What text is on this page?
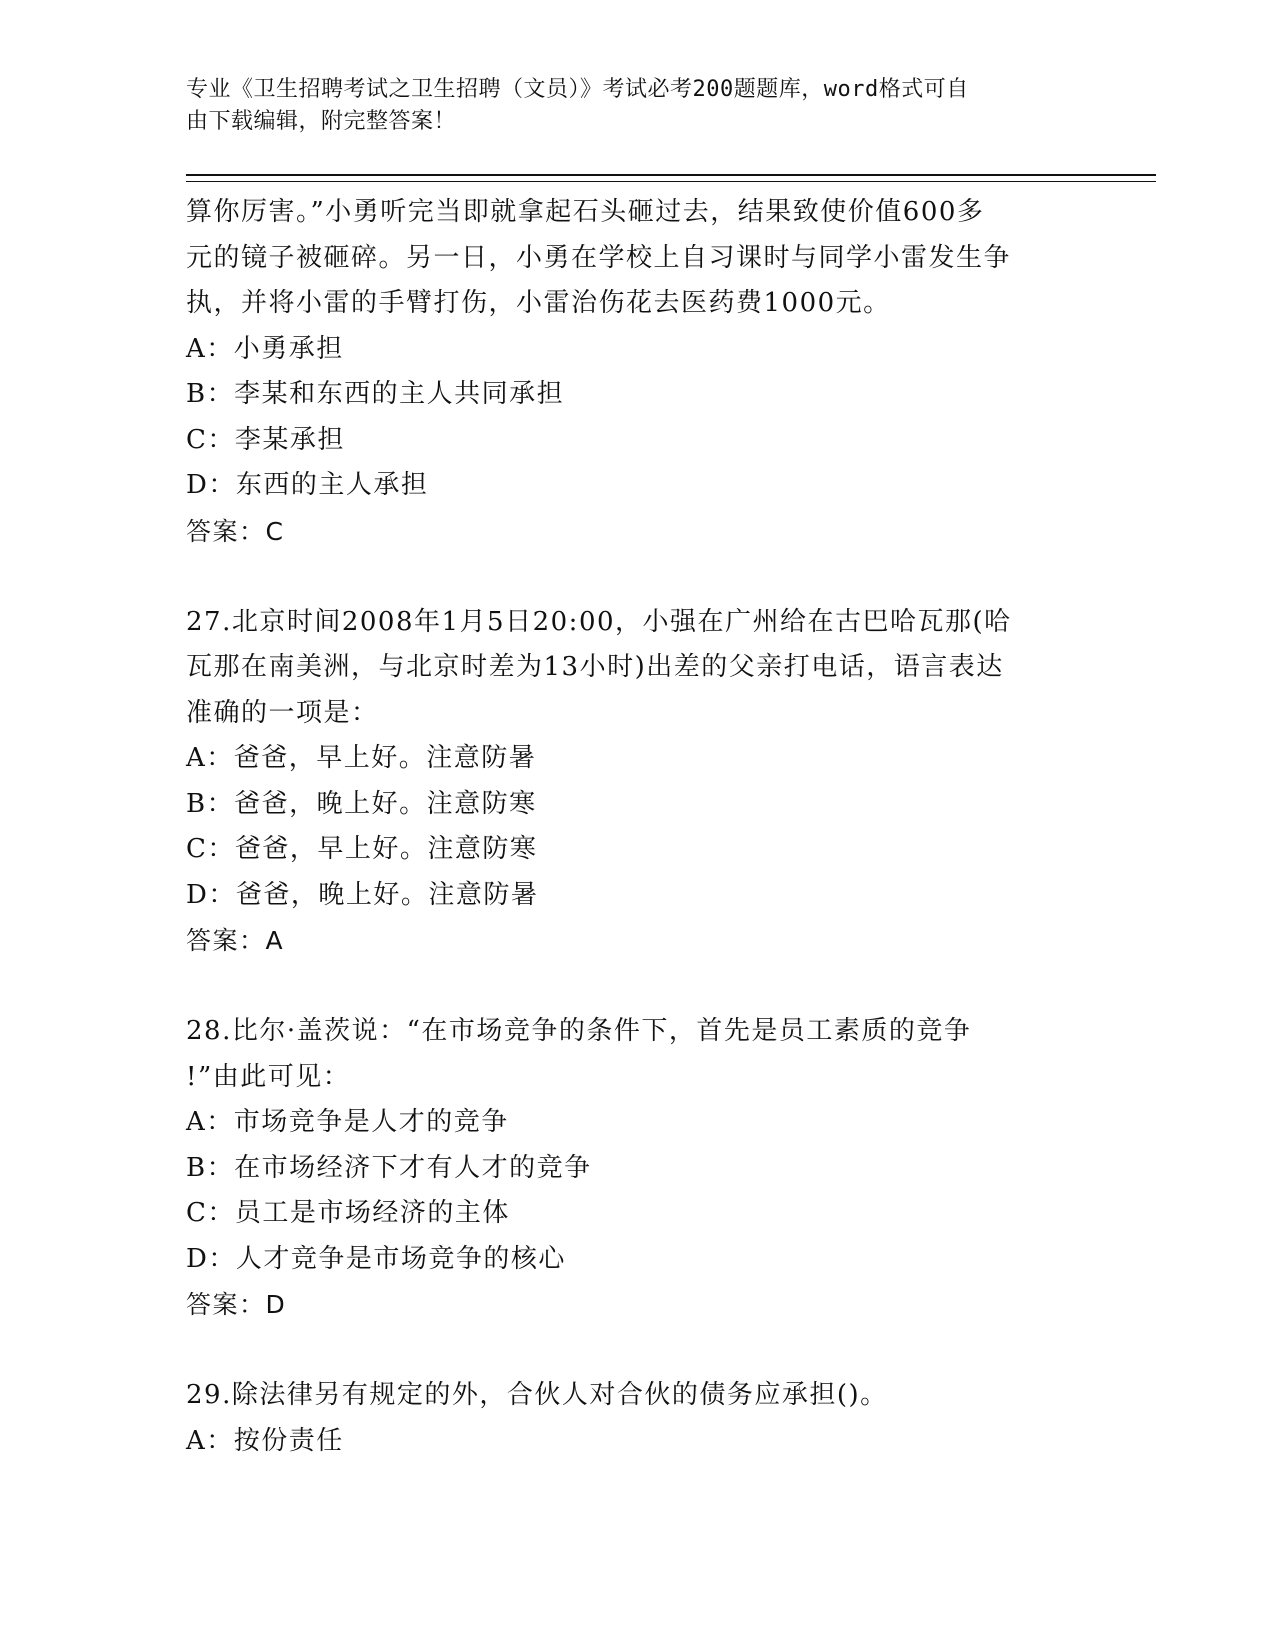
专业《卫生招聘考试之卫生招聘（文员）》考试必考200题题库，word格式可自
由下载编辑，附完整答案！
算你厉害。”小勇听完当即就拿起石头砸过去，结果致使价值600多
元的镜子被砸碎。另一日，小勇在学校上自习课时与同学小雷发生争
执，并将小雷的手臂打伤，小雷治伤花去医药费1000元。
A：小勇承担
B：李某和东西的主人共同承担
C：李某承担
D：东西的主人承担
答案：C
27.北京时间2008年1月5日20:00，小强在广州给在古巴哈瓦那(哈
瓦那在南美洲，与北京时差为13小时)出差的父亲打电话，语言表达
准确的一项是：
A：爸爸，早上好。注意防暑
B：爸爸，晚上好。注意防寒
C：爸爸，早上好。注意防寒
D：爸爸，晚上好。注意防暑
答案：A
28.比尔·盖茨说：“在市场竞争的条件下，首先是员工素质的竞争
!”由此可见：
A：市场竞争是人才的竞争
B：在市场经济下才有人才的竞争
C：员工是市场经济的主体
D：人才竞争是市场竞争的核心
答案：D
29.除法律另有规定的外，合伙人对合伙的债务应承担()。
A：按份责任
